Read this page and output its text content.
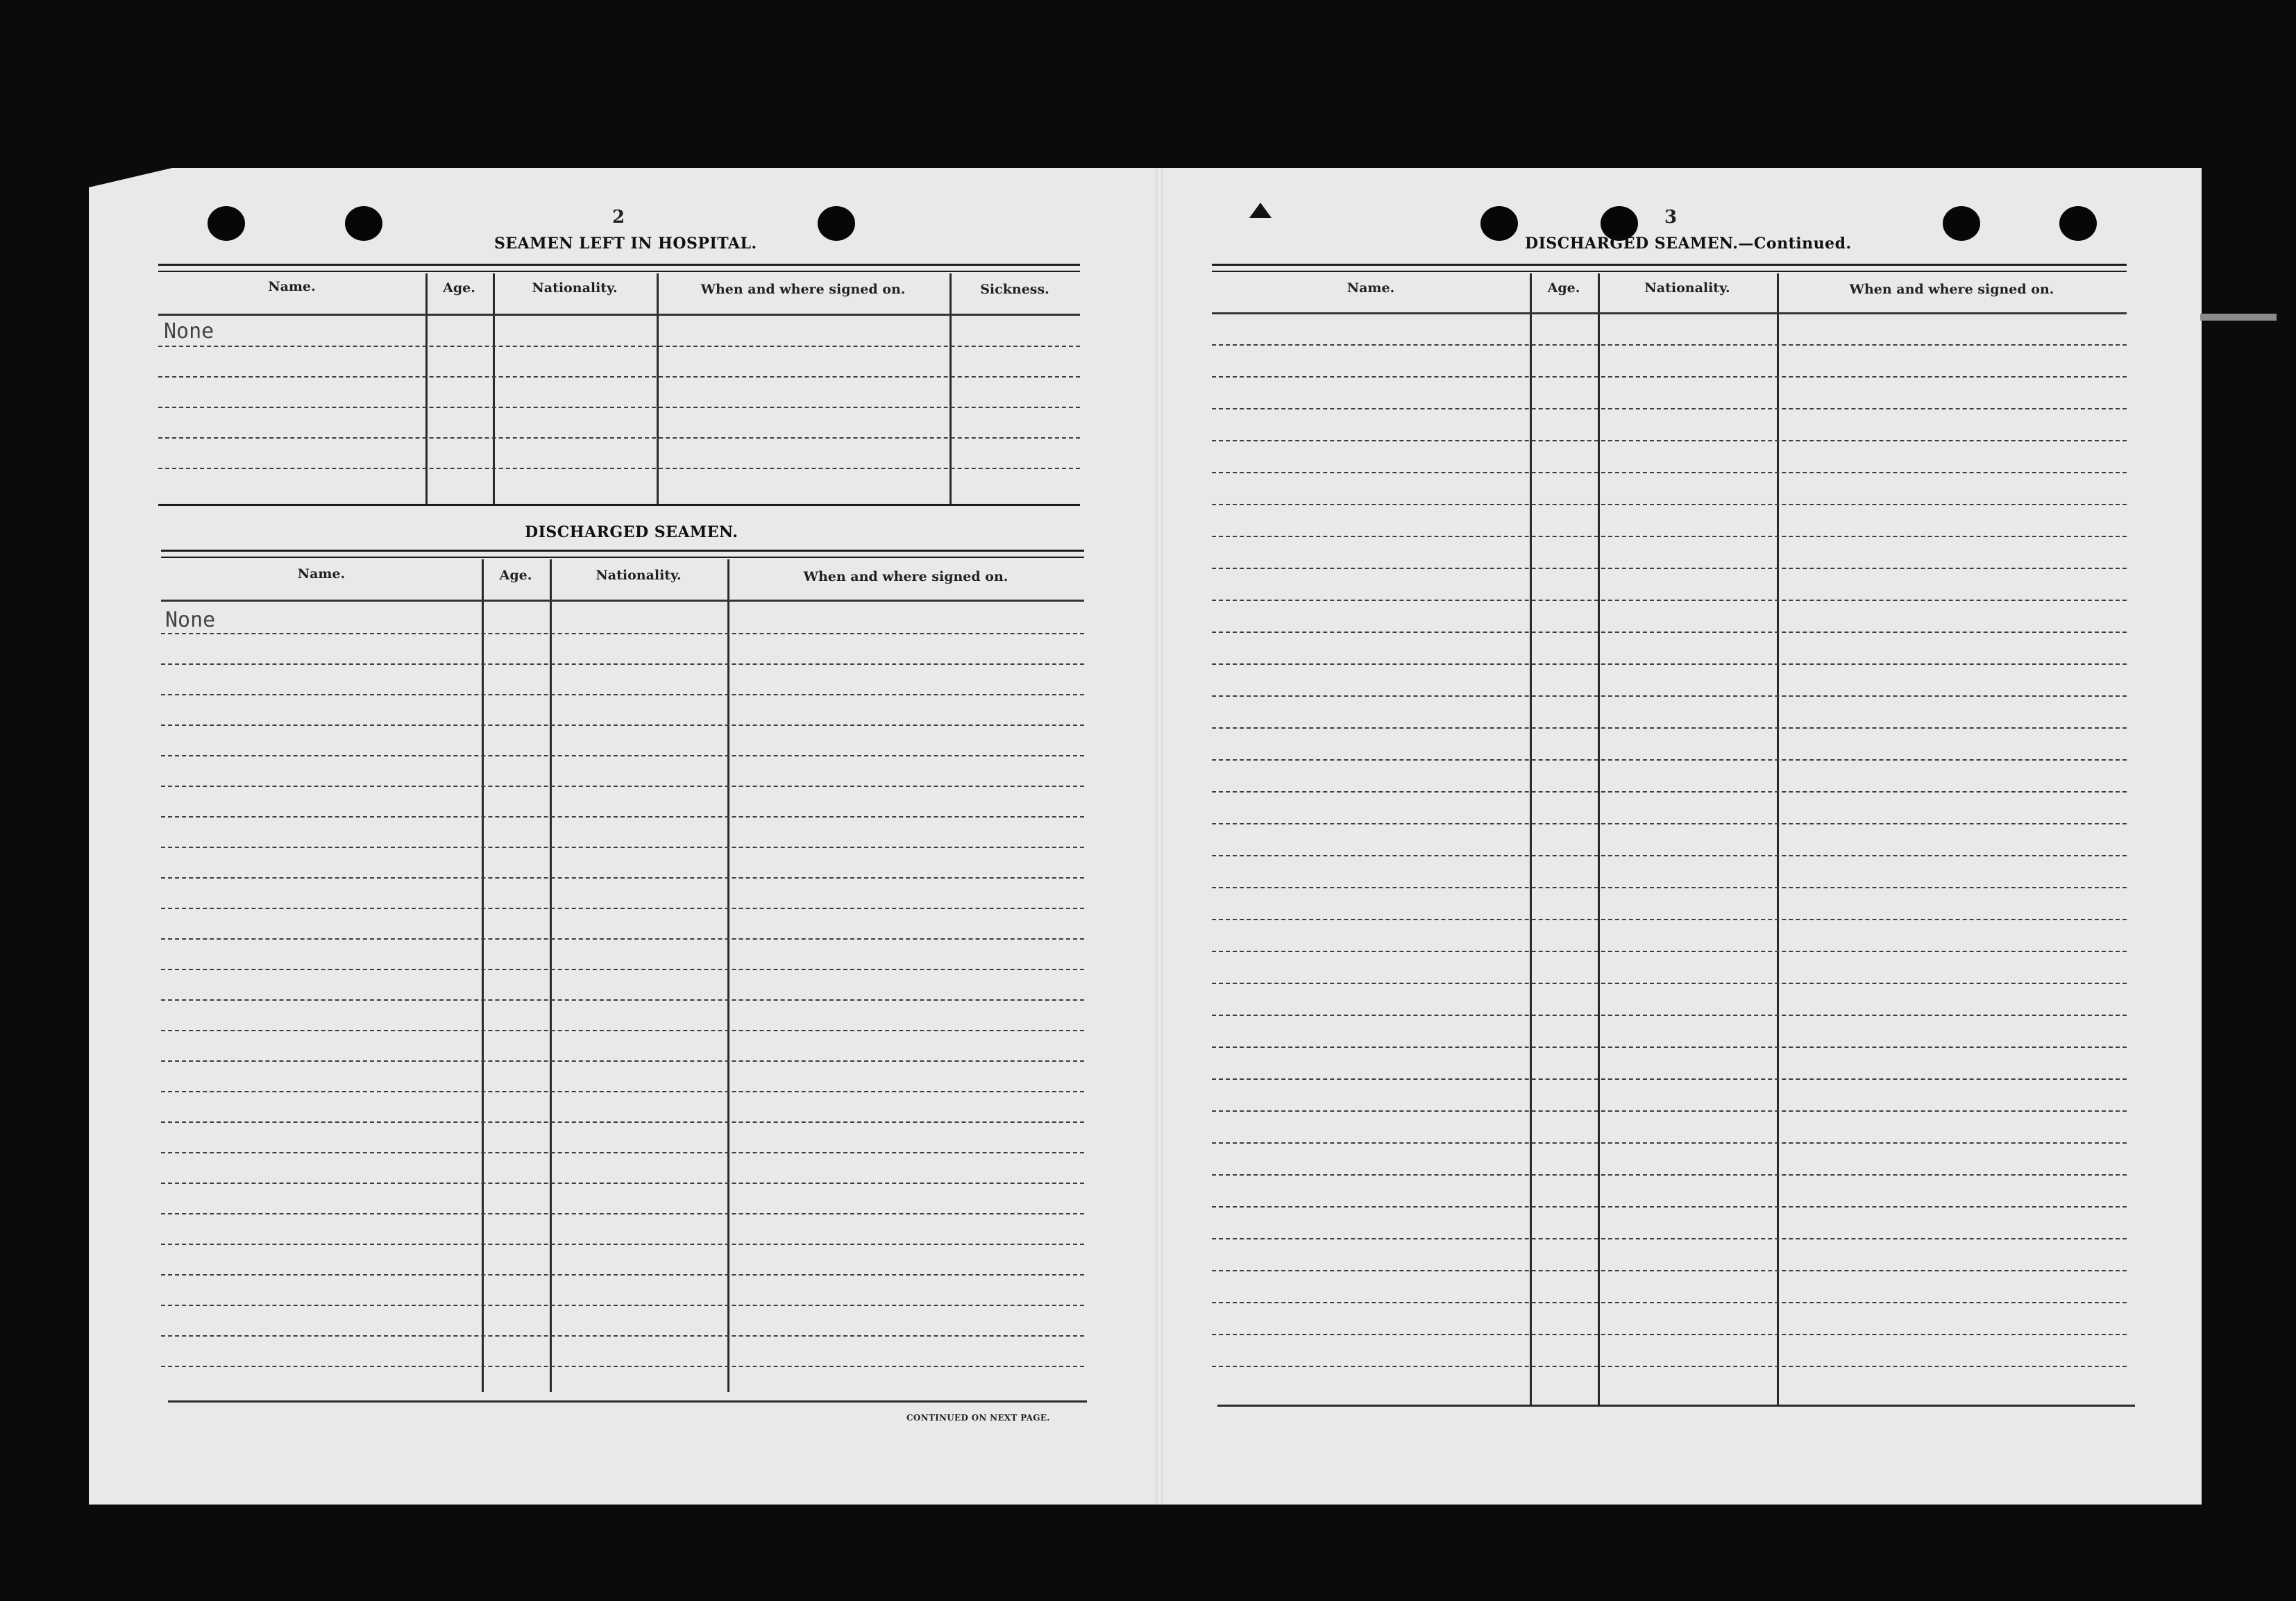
2
SEAMEN LEFT IN HOSPITAL.
Name.	Age.	Nationality.	When and where signed on.	Sickness.
None
DISCHARGED SEAMEN.
Name.	Age.	Nationality.	When and where signed on.
None
CONTINUED ON NEXT PAGE.
3
DISCHARGED SEAMEN.—Continued.
Name.	Age.	Nationality.	When and where signed on.
